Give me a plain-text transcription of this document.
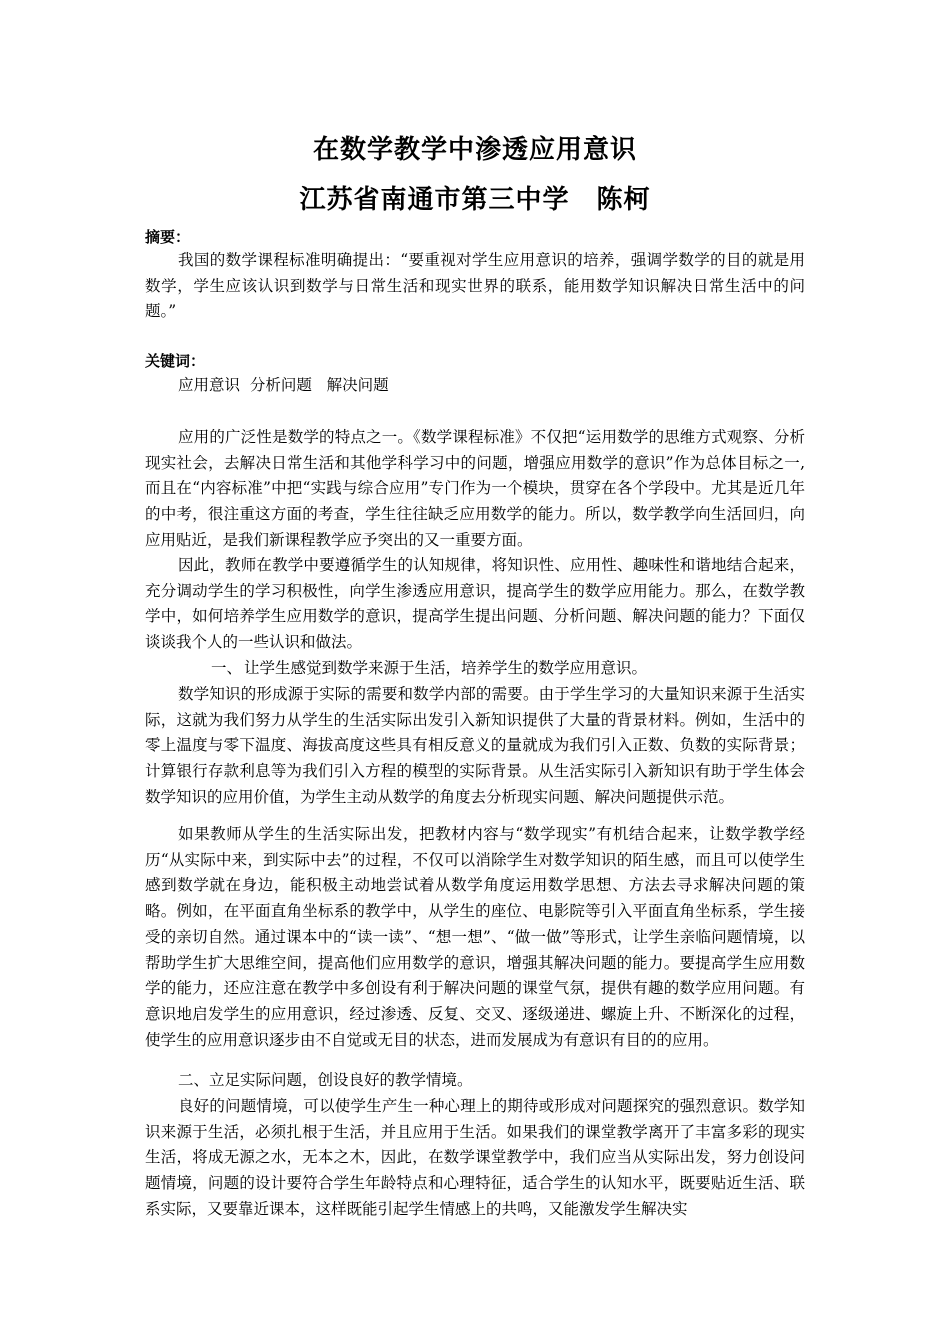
在数学教学中渗透应用意识
江苏省南通市第三中学　陈柯
摘要：
我国的数学课程标准明确提出：“要重视对学生应用意识的培养，强调学数学的目的就是用数学，学生应该认识到数学与日常生活和现实世界的联系，能用数学知识解决日常生活中的问题。”
关键词：
应用意识  分析问题   解决问题
应用的广泛性是数学的特点之一。《数学课程标准》不仅把“运用数学的思维方式观察、分析现实社会，去解决日常生活和其他学科学习中的问题，增强应用数学的意识”作为总体目标之一,而且在“内容标准”中把“实践与综合应用”专门作为一个模块，贯穿在各个学段中。尤其是近几年的中考，很注重这方面的考查，学生往往缺乏应用数学的能力。所以，数学教学向生活回归，向应用贴近，是我们新课程教学应予突出的又一重要方面。
因此，教师在教学中要遵循学生的认知规律，将知识性、应用性、趣味性和谐地结合起来，充分调动学生的学习积极性，向学生渗透应用意识，提高学生的数学应用能力。那么，在数学教学中，如何培养学生应用数学的意识，提高学生提出问题、分析问题、解决问题的能力？下面仅谈谈我个人的一些认识和做法。
一、 让学生感觉到数学来源于生活，培养学生的数学应用意识。
数学知识的形成源于实际的需要和数学内部的需要。由于学生学习的大量知识来源于生活实际，这就为我们努力从学生的生活实际出发引入新知识提供了大量的背景材料。例如，生活中的零上温度与零下温度、海拔高度这些具有相反意义的量就成为我们引入正数、负数的实际背景；计算银行存款利息等为我们引入方程的模型的实际背景。从生活实际引入新知识有助于学生体会数学知识的应用价值，为学生主动从数学的角度去分析现实问题、解决问题提供示范。
如果教师从学生的生活实际出发，把教材内容与“数学现实”有机结合起来，让数学教学经历“从实际中来，到实际中去”的过程，不仅可以消除学生对数学知识的陌生感，而且可以使学生感到数学就在身边，能积极主动地尝试着从数学角度运用数学思想、方法去寻求解决问题的策略。例如，在平面直角坐标系的教学中，从学生的座位、电影院等引入平面直角坐标系，学生接受的亲切自然。通过课本中的“读一读”、“想一想”、“做一做”等形式，让学生亲临问题情境，以帮助学生扩大思维空间，提高他们应用数学的意识，增强其解决问题的能力。要提高学生应用数学的能力，还应注意在教学中多创设有利于解决问题的课堂气氛，提供有趣的数学应用问题。有意识地启发学生的应用意识，经过渗透、反复、交叉、逐级递进、螺旋上升、不断深化的过程，使学生的应用意识逐步由不自觉或无目的状态，进而发展成为有意识有目的的应用。
二、立足实际问题，创设良好的教学情境。
良好的问题情境，可以使学生产生一种心理上的期待或形成对问题探究的强烈意识。数学知识来源于生活，必须扎根于生活，并且应用于生活。如果我们的课堂教学离开了丰富多彩的现实生活，将成无源之水，无本之木，因此，在数学课堂教学中，我们应当从实际出发，努力创设问题情境，问题的设计要符合学生年龄特点和心理特征，适合学生的认知水平，既要贴近生活、联系实际，又要靠近课本，这样既能引起学生情感上的共鸣，又能激发学生解决实
